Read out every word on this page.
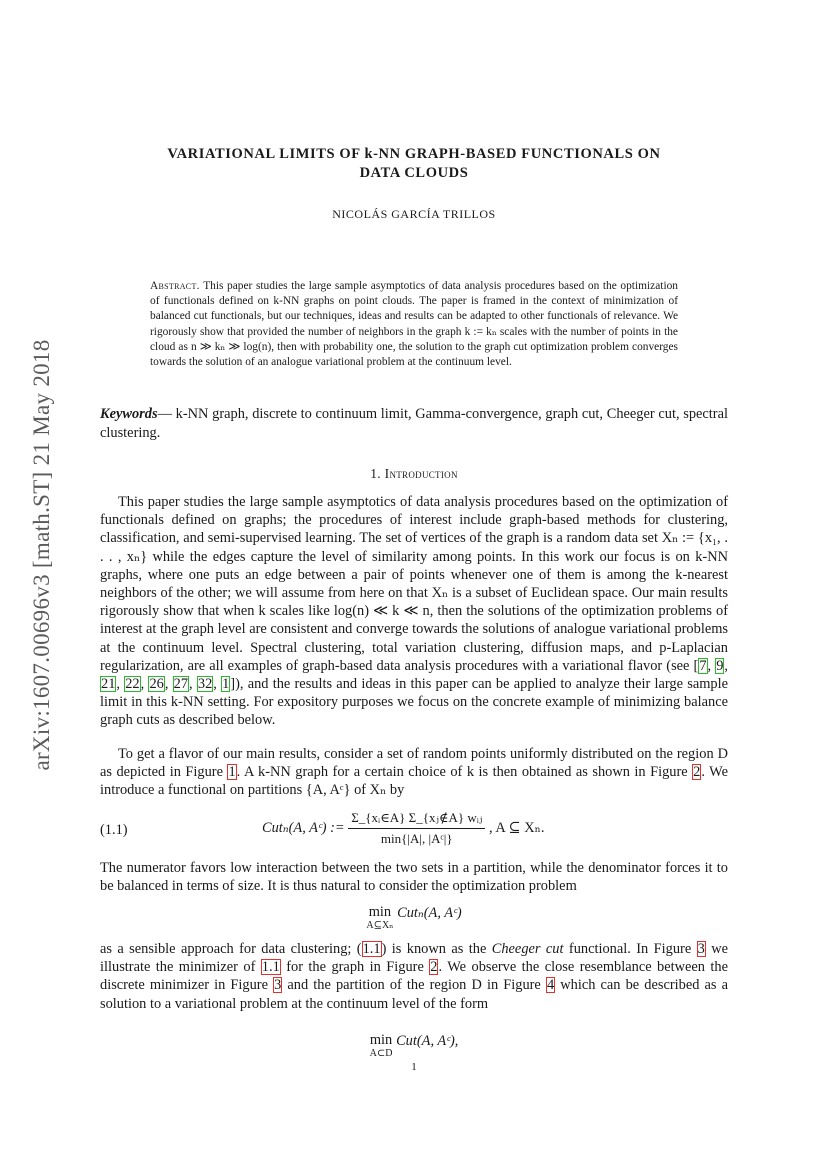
arXiv:1607.00696v3 [math.ST] 21 May 2018
VARIATIONAL LIMITS OF k-NN GRAPH-BASED FUNCTIONALS ON
DATA CLOUDS
NICOLÁS GARCÍA TRILLOS
Abstract. This paper studies the large sample asymptotics of data analysis procedures based on the optimization of functionals defined on k-NN graphs on point clouds. The paper is framed in the context of minimization of balanced cut functionals, but our techniques, ideas and results can be adapted to other functionals of relevance. We rigorously show that provided the number of neighbors in the graph k := kₙ scales with the number of points in the cloud as n ≫ kₙ ≫ log(n), then with probability one, the solution to the graph cut optimization problem converges towards the solution of an analogue variational problem at the continuum level.
Keywords— k-NN graph, discrete to continuum limit, Gamma-convergence, graph cut, Cheeger cut, spectral clustering.
1. Introduction
This paper studies the large sample asymptotics of data analysis procedures based on the optimization of functionals defined on graphs; the procedures of interest include graph-based methods for clustering, classification, and semi-supervised learning. The set of vertices of the graph is a random data set Xₙ := {x₁, . . . , xₙ} while the edges capture the level of similarity among points. In this work our focus is on k-NN graphs, where one puts an edge between a pair of points whenever one of them is among the k-nearest neighbors of the other; we will assume from here on that Xₙ is a subset of Euclidean space. Our main results rigorously show that when k scales like log(n) ≪ k ≪ n, then the solutions of the optimization problems of interest at the graph level are consistent and converge towards the solutions of analogue variational problems at the continuum level. Spectral clustering, total variation clustering, diffusion maps, and p-Laplacian regularization, are all examples of graph-based data analysis procedures with a variational flavor (see [7, 9, 21, 22, 26, 27, 32, 1]), and the results and ideas in this paper can be applied to analyze their large sample limit in this k-NN setting. For expository purposes we focus on the concrete example of minimizing balance graph cuts as described below.
To get a flavor of our main results, consider a set of random points uniformly distributed on the region D as depicted in Figure 1. A k-NN graph for a certain choice of k is then obtained as shown in Figure 2. We introduce a functional on partitions {A, Aᶜ} of Xₙ by
(1.1)	Cutₙ(A, Aᶜ) := $\frac{\text{Σ\_\{xᵢ∈A\} Σ\_\{xⱼ∉A\} wᵢⱼ}}{\text{min\{|A|, |Aᶜ|\}}}$ , A ⊆ Xₙ.
The numerator favors low interaction between the two sets in a partition, while the denominator forces it to be balanced in terms of size. It is thus natural to consider the optimization problem
min
A⊆Xₙ
Cutₙ(A, Aᶜ)
as a sensible approach for data clustering; (1.1) is known as the Cheeger cut functional. In Figure 3 we illustrate the minimizer of 1.1 for the graph in Figure 2. We observe the close resemblance between the discrete minimizer in Figure 3 and the partition of the region D in Figure 4 which can be described as a solution to a variational problem at the continuum level of the form
min
A⊂D
Cut(A, Aᶜ),
1
